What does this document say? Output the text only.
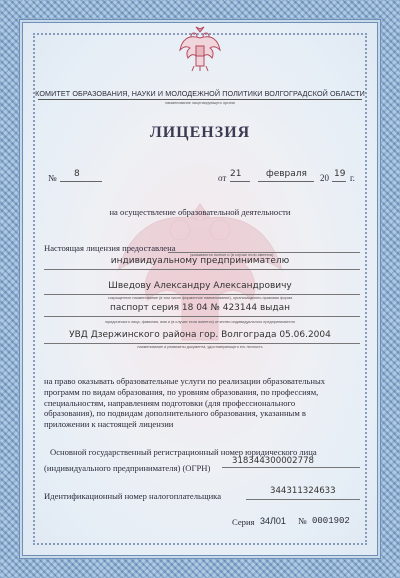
КОМИТЕТ ОБРАЗОВАНИЯ, НАУКИ И МОЛОДЕЖНОЙ ПОЛИТИКИ ВОЛГОГРАДСКОЙ ОБЛАСТИ
наименование лицензирующего органа
ЛИЦЕНЗИЯ
№ 8	от 21	февраля 20 19 г.
на осуществление образовательной деятельности
Настоящая лицензия предоставлена
указываются полное и (в случае если имеется)
индивидуальному предпринимателю
Шведову Александру Александровичу
сокращенное наименование (в том числе фирменное наименование), организационно-правовая форма
паспорт серия 18 04 № 423144 выдан
юридического лица, фамилия, имя и (в случае если имеется) отчество индивидуального предпринимателя
УВД Дзержинского района гор. Волгограда 05.06.2004
наименование и реквизиты документа, удостоверяющего его личность
на право оказывать образовательные услуги по реализации образовательных
программ по видам образования, по уровням образования, по профессиям,
специальностям, направлениям подготовки (для профессионального
образования), по подвидам дополнительного образования, указанным в
приложении к настоящей лицензии
Основной государственный регистрационный номер юридического лица
(индивидуального предпринимателя) (ОГРН)
318344300002778
Идентификационный номер налогоплательщика	344311324633
Серия 34Л01 № 0001902
